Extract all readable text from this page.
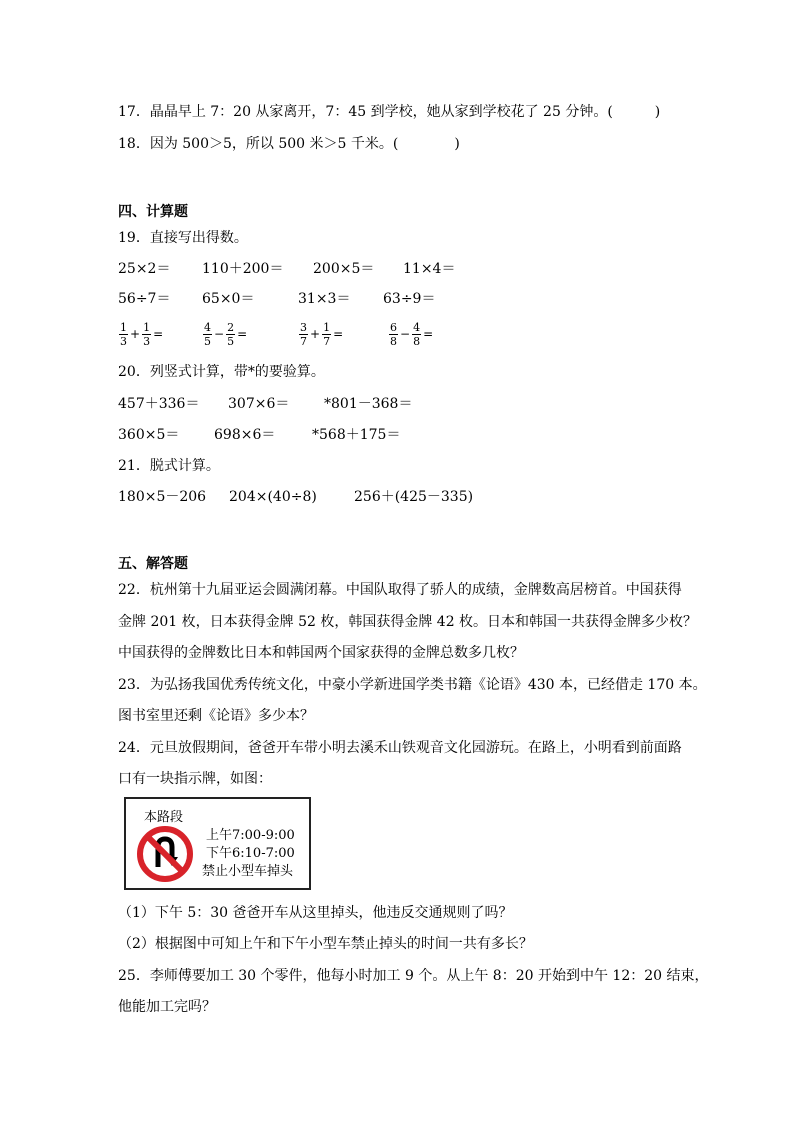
17．晶晶早上 7：20 从家离开，7：45 到学校，她从家到学校花了 25 分钟。(　　　)
18．因为 500＞5，所以 500 米＞5 千米。(　　　　)
四、计算题
19．直接写出得数。
25×2＝ 110＋200＝ 200×5＝ 11×4＝
56÷7＝ 65×0＝	31×3＝ 63÷9＝
$\frac{1}{3} + \frac{1}{3}$ =	$\frac{4}{5} - \frac{2}{5}$ =	$\frac{3}{7} + \frac{1}{7}$ =	$\frac{6}{8} - \frac{4}{8}$ =
20．列竖式计算，带*的要验算。
457＋336＝ 307×6＝ *801－368＝
360×5＝ 698×6＝	*568＋175＝
21．脱式计算。
180×5－206 204×(40÷8)	256＋(425－335)
五、解答题
22．杭州第十九届亚运会圆满闭幕。中国队取得了骄人的成绩，金牌数高居榜首。中国获得
金牌 201 枚，日本获得金牌 52 枚，韩国获得金牌 42 枚。日本和韩国一共获得金牌多少枚？
中国获得的金牌数比日本和韩国两个国家获得的金牌总数多几枚？
23．为弘扬我国优秀传统文化，中豪小学新进国学类书籍《论语》430 本，已经借走 170 本。
图书室里还剩《论语》多少本？
24．元旦放假期间，爸爸开车带小明去溪禾山铁观音文化园游玩。在路上，小明看到前面路
口有一块指示牌，如图：
本路段
上午7:00-9:00
下午6:10-7:00
禁止小型车掉头
（1）下午 5：30 爸爸开车从这里掉头，他违反交通规则了吗？
（2）根据图中可知上午和下午小型车禁止掉头的时间一共有多长？
25．李师傅要加工 30 个零件，他每小时加工 9 个。从上午 8：20 开始到中午 12：20 结束，
他能加工完吗？
